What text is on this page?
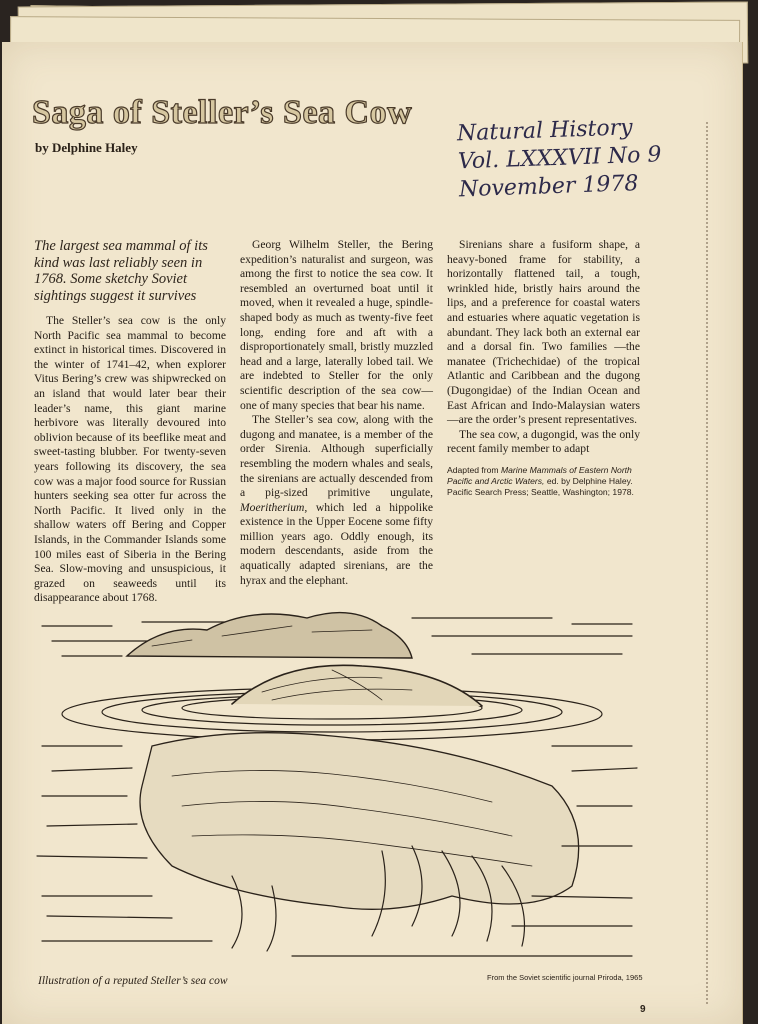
Saga of Steller’s Sea Cow
by Delphine Haley
Natural History
Vol. LXXXVII No 9
November 1978

The largest sea mammal of its kind was last reliably seen in 1768. Some sketchy Soviet sightings suggest it survives

The Steller’s sea cow is the only North Pacific sea mammal to become extinct in historical times. Discovered in the winter of 1741–42, when explorer Vitus Bering’s crew was shipwrecked on an island that would later bear their leader’s name, this giant marine herbivore was literally devoured into oblivion because of its beeflike meat and sweet-tasting blubber. For twenty-seven years following its discovery, the sea cow was a major food source for Russian hunters seeking sea otter fur across the North Pacific. It lived only in the shallow waters off Bering and Copper Islands, in the Commander Islands some 100 miles east of Siberia in the Bering Sea. Slow-moving and unsuspicious, it grazed on seaweeds until its disappearance about 1768.

Georg Wilhelm Steller, the Bering expedition’s naturalist and surgeon, was among the first to notice the sea cow. It resembled an overturned boat until it moved, when it revealed a huge, spindle-shaped body as much as twenty-five feet long, ending fore and aft with a disproportionately small, bristly muzzled head and a large, laterally lobed tail. We are indebted to Steller for the only scientific description of the sea cow—one of many species that bear his name.

The Steller’s sea cow, along with the dugong and manatee, is a member of the order Sirenia. Although superficially resembling the modern whales and seals, the sirenians are actually descended from a pig-sized primitive ungulate, Moeritherium, which led a hippolike existence in the Upper Eocene some fifty million years ago. Oddly enough, its modern descendants, aside from the aquatically adapted sirenians, are the hyrax and the elephant.

Sirenians share a fusiform shape, a heavy-boned frame for stability, a horizontally flattened tail, a tough, wrinkled hide, bristly hairs around the lips, and a preference for coastal waters and estuaries where aquatic vegetation is abundant. They lack both an external ear and a dorsal fin. Two families —the manatee (Trichechidae) of the tropical Atlantic and Caribbean and the dugong (Dugongidae) of the Indian Ocean and East African and Indo-Malaysian waters—are the order’s present representatives.

The sea cow, a dugongid, was the only recent family member to adapt

Adapted from Marine Mammals of Eastern North Pacific and Arctic Waters, ed. by Delphine Haley. Pacific Search Press; Seattle, Washington; 1978.
Illustration of a reputed Steller’s sea cow	From the Soviet scientific journal Priroda, 1965
9
